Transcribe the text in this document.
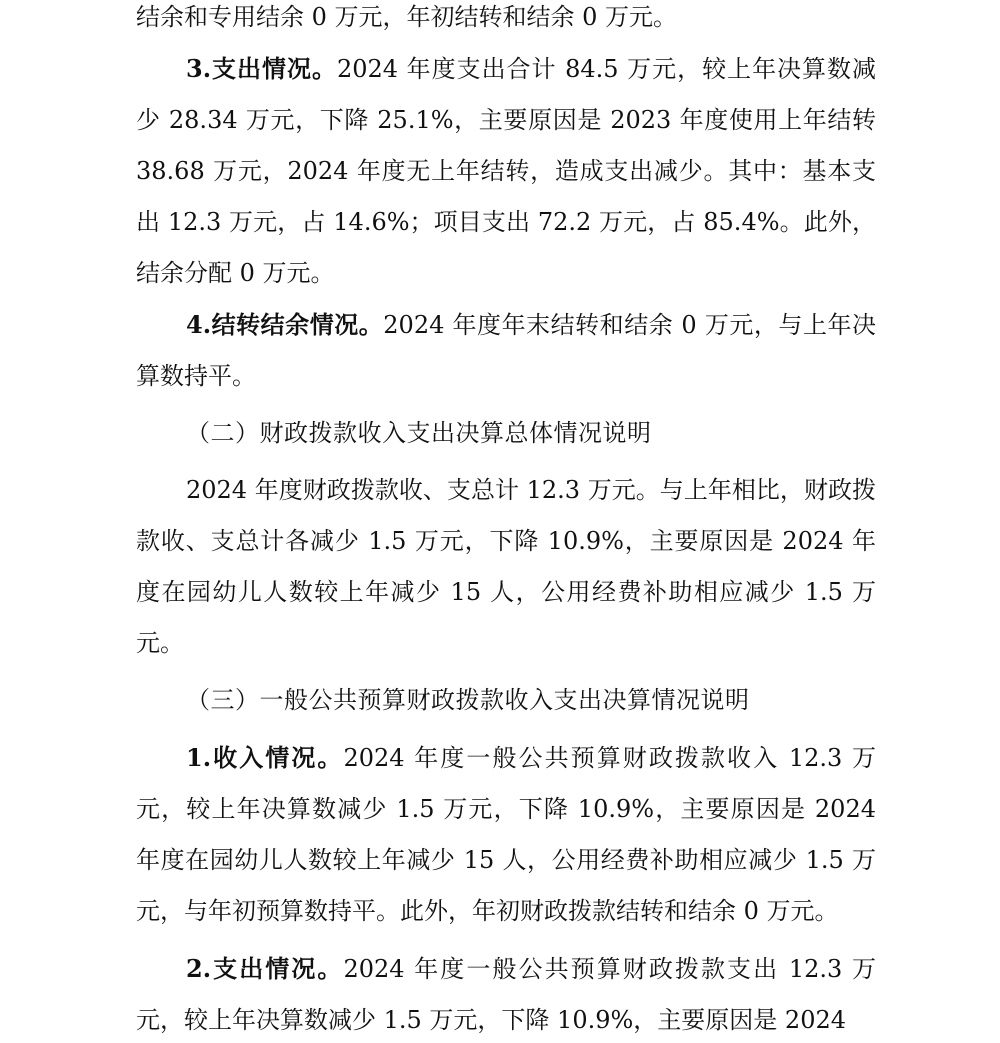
结余和专用结余 0 万元，年初结转和结余 0 万元。

3.支出情况。2024 年度支出合计 84.5 万元，较上年决算数减少 28.34 万元，下降 25.1%，主要原因是 2023 年度使用上年结转 38.68 万元，2024 年度无上年结转，造成支出减少。其中：基本支出 12.3 万元，占 14.6%；项目支出 72.2 万元，占 85.4%。此外，结余分配 0 万元。

4.结转结余情况。2024 年度年末结转和结余 0 万元，与上年决算数持平。

（二）财政拨款收入支出决算总体情况说明

2024 年度财政拨款收、支总计 12.3 万元。与上年相比，财政拨款收、支总计各减少 1.5 万元，下降 10.9%，主要原因是 2024 年度在园幼儿人数较上年减少 15 人，公用经费补助相应减少 1.5 万元。

（三）一般公共预算财政拨款收入支出决算情况说明

1.收入情况。2024 年度一般公共预算财政拨款收入 12.3 万元，较上年决算数减少 1.5 万元，下降 10.9%，主要原因是 2024 年度在园幼儿人数较上年减少 15 人，公用经费补助相应减少 1.5 万元，与年初预算数持平。此外，年初财政拨款结转和结余 0 万元。

2.支出情况。2024 年度一般公共预算财政拨款支出 12.3 万元，较上年决算数减少 1.5 万元，下降 10.9%，主要原因是 2024
